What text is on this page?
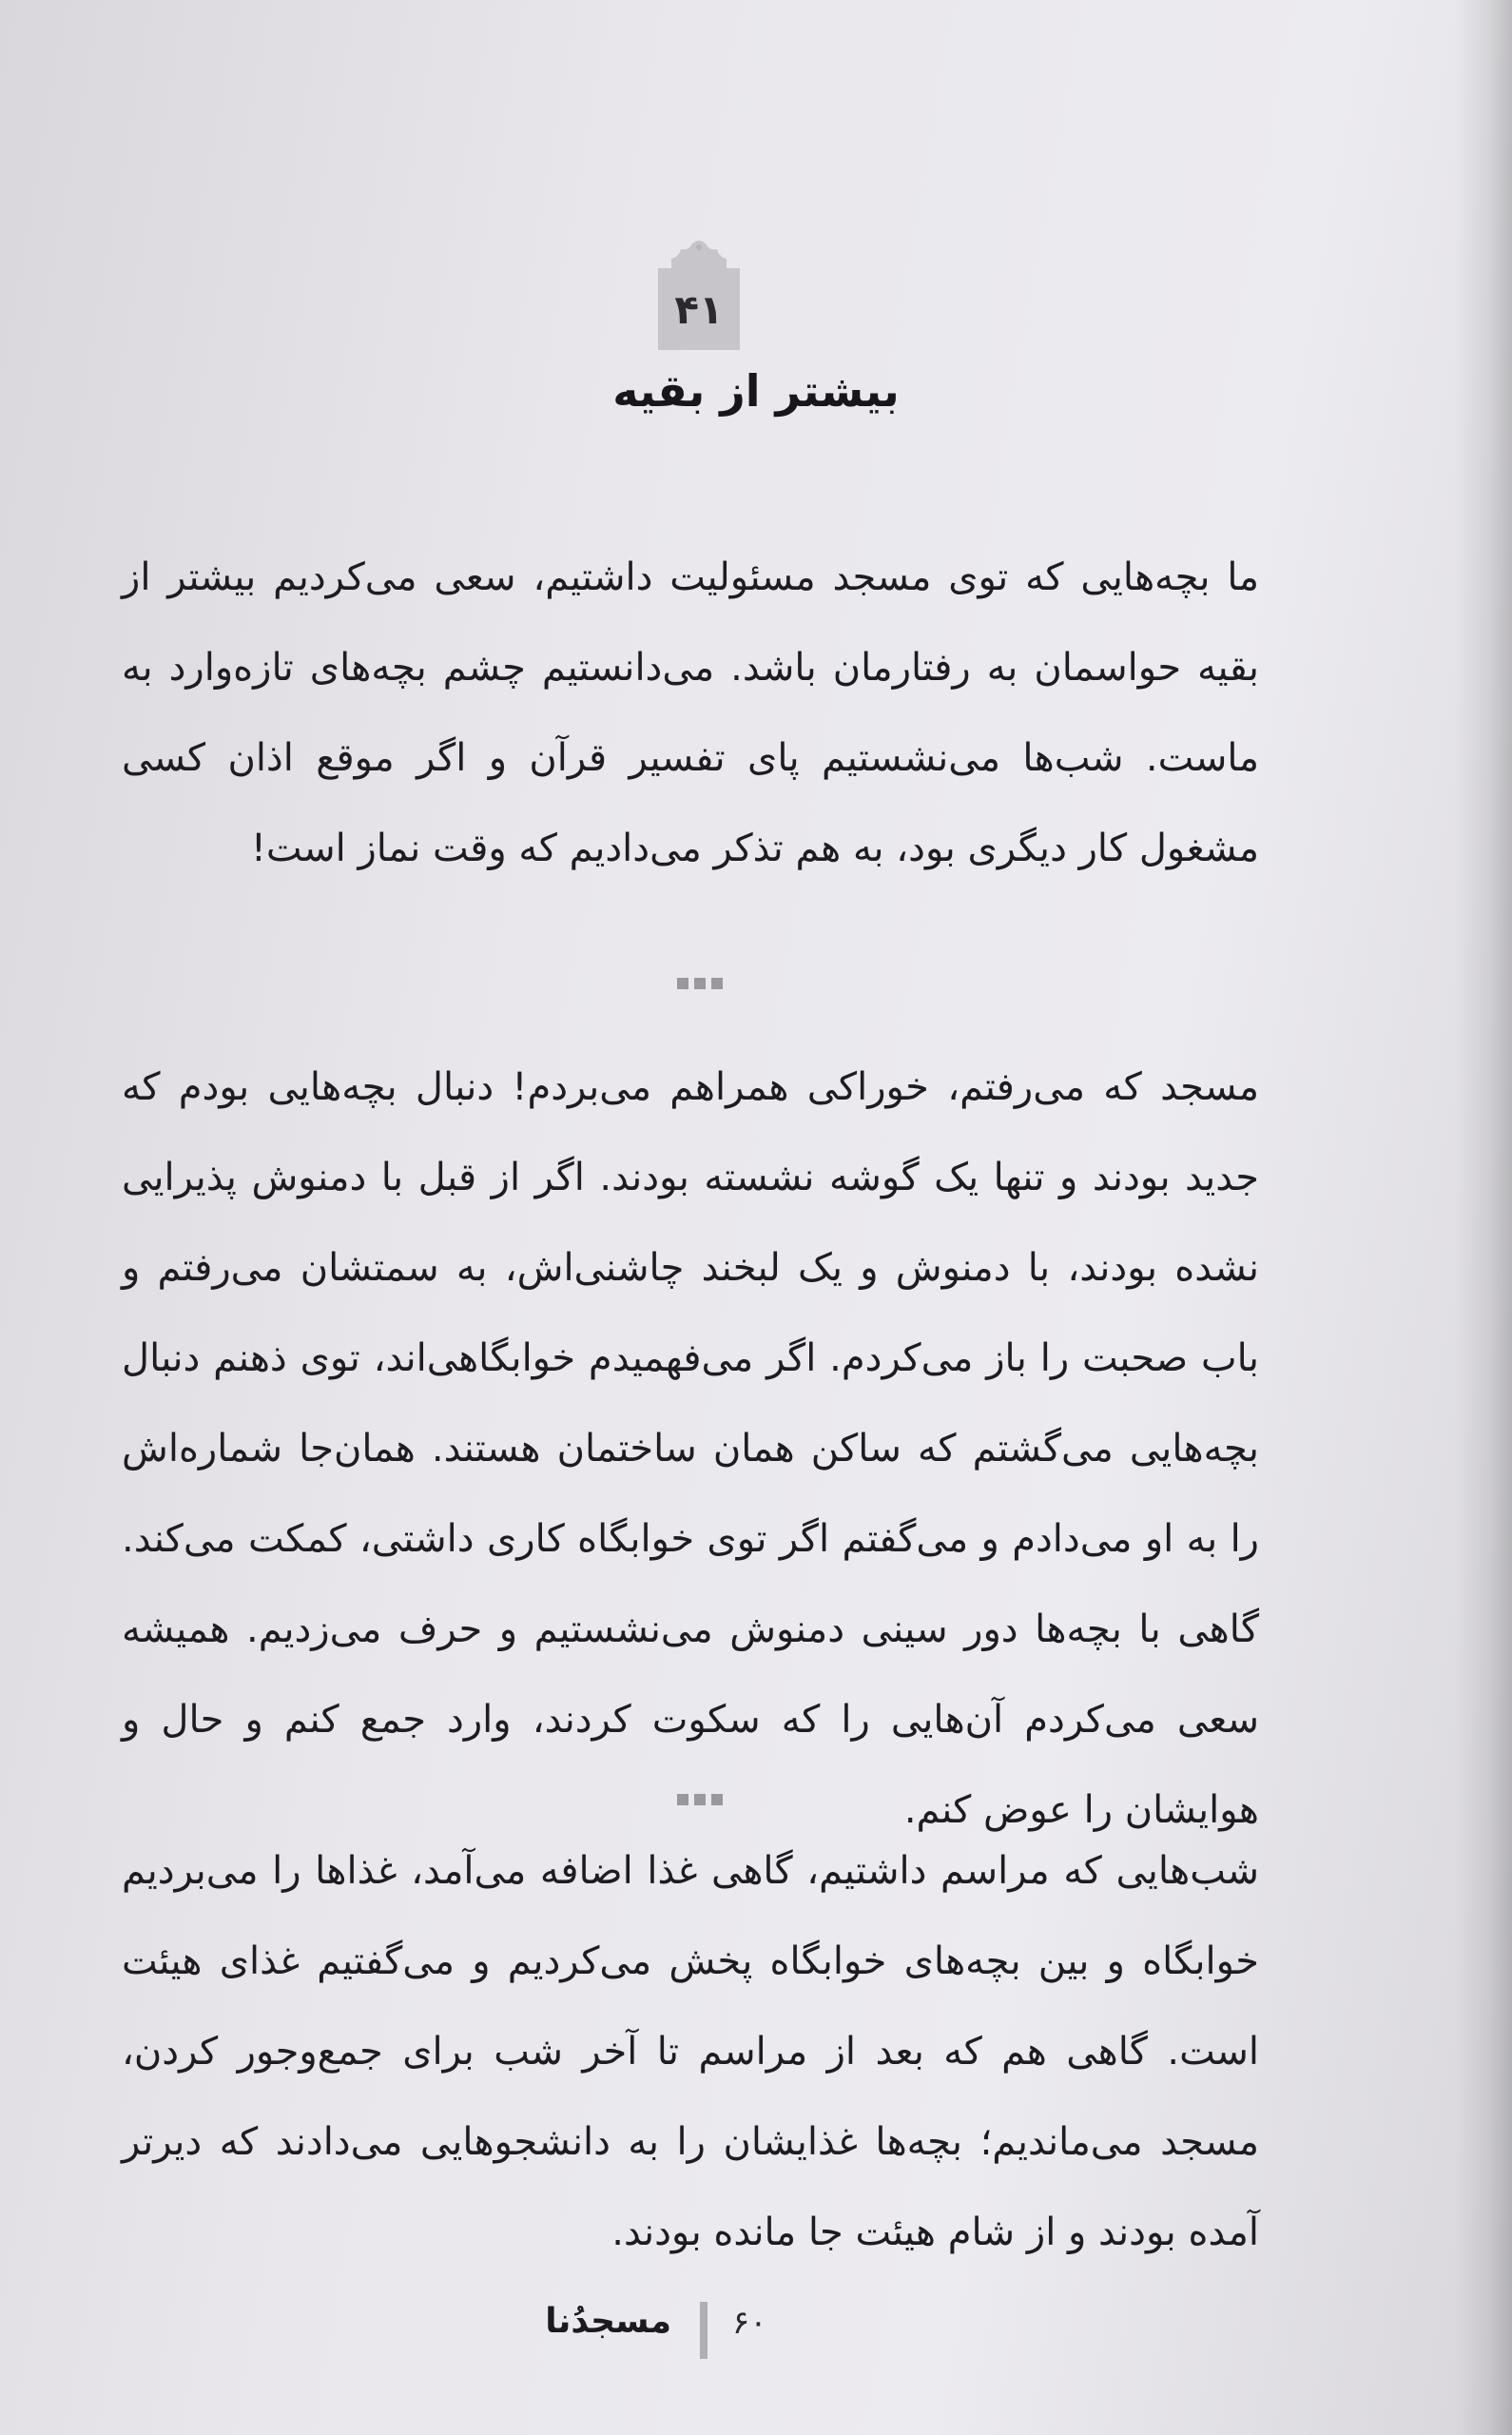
۴۱
بیشتر از بقیه
ما بچه‌هایی که توی مسجد مسئولیت داشتیم، سعی می‌کردیم بیشتر از بقیه حواسمان به رفتارمان باشد. می‌دانستیم چشم بچه‌های تازه‌وارد به ماست. شب‌ها می‌نشستیم پای تفسیر قرآن و اگر موقع اذان کسی مشغول کار دیگری بود، به هم تذکر می‌دادیم که وقت نماز است!
مسجد که می‌رفتم، خوراکی همراهم می‌بردم! دنبال بچه‌هایی بودم که جدید بودند و تنها یک گوشه نشسته بودند. اگر از قبل با دمنوش پذیرایی نشده بودند، با دمنوش و یک لبخند چاشنی‌اش، به سمتشان می‌رفتم و باب صحبت را باز می‌کردم. اگر می‌فهمیدم خوابگاهی‌اند، توی ذهنم دنبال بچه‌هایی می‌گشتم که ساکن همان ساختمان هستند. همان‌جا شماره‌اش را به او می‌دادم و می‌گفتم اگر توی خوابگاه کاری داشتی، کمکت می‌کند. گاهی با بچه‌ها دور سینی دمنوش می‌نشستیم و حرف می‌زدیم. همیشه سعی می‌کردم آن‌هایی را که سکوت کردند، وارد جمع کنم و حال و هوایشان را عوض کنم.
شب‌هایی که مراسم داشتیم، گاهی غذا اضافه می‌آمد، غذاها را می‌بردیم خوابگاه و بین بچه‌های خوابگاه پخش می‌کردیم و می‌گفتیم غذای هیئت است. گاهی هم که بعد از مراسم تا آخر شب برای جمع‌وجور کردن، مسجد می‌ماندیم؛ بچه‌ها غذایشان را به دانشجوهایی می‌دادند که دیرتر آمده بودند و از شام هیئت جا مانده بودند.
مسجدُنا ۶۰
